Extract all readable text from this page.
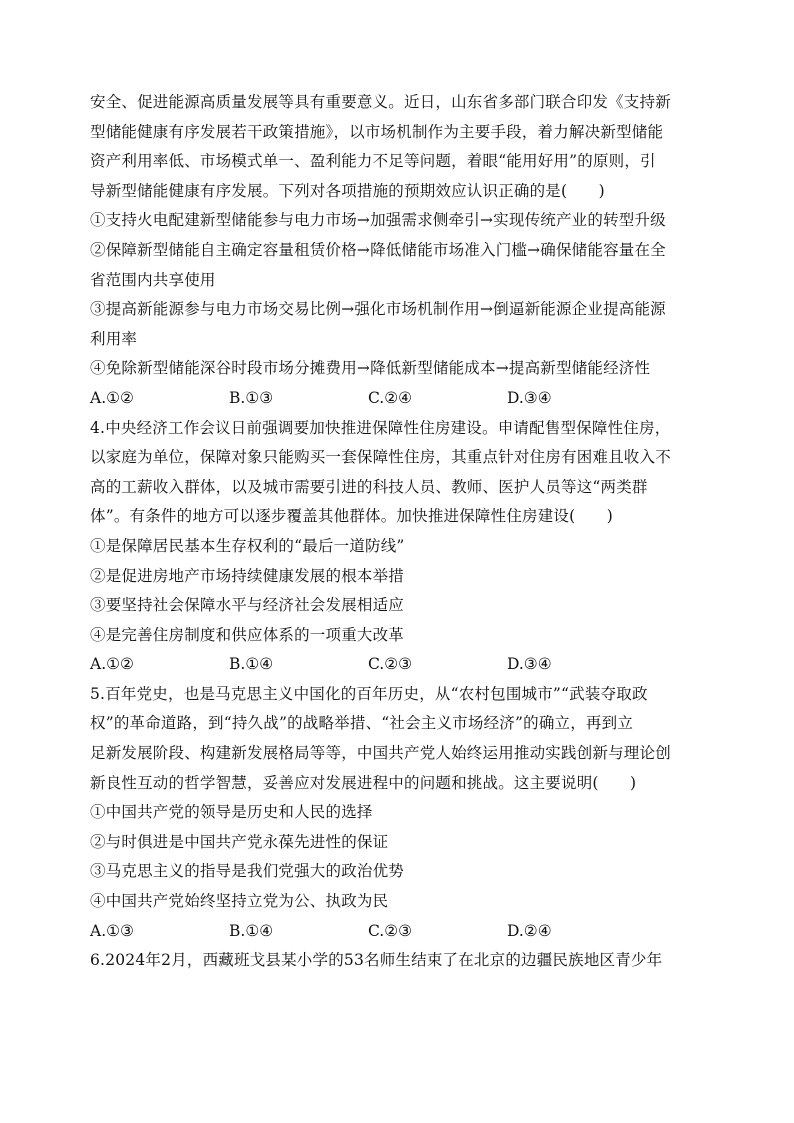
安全、促进能源高质量发展等具有重要意义。近日，山东省多部门联合印发《支持新
型储能健康有序发展若干政策措施》，以市场机制作为主要手段，着力解决新型储能
资产利用率低、市场模式单一、盈利能力不足等问题，着眼“能用好用”的原则，引
导新型储能健康有序发展。下列对各项措施的预期效应认识正确的是(　　)
①支持火电配建新型储能参与电力市场→加强需求侧牵引→实现传统产业的转型升级
②保障新型储能自主确定容量租赁价格→降低储能市场准入门槛→确保储能容量在全
省范围内共享使用
③提高新能源参与电力市场交易比例→强化市场机制作用→倒逼新能源企业提高能源
利用率
④免除新型储能深谷时段市场分摊费用→降低新型储能成本→提高新型储能经济性
A.①②	B.①③	C.②④	D.③④
4.中央经济工作会议日前强调要加快推进保障性住房建设。申请配售型保障性住房，
以家庭为单位，保障对象只能购买一套保障性住房，其重点针对住房有困难且收入不
高的工薪收入群体，以及城市需要引进的科技人员、教师、医护人员等这“两类群
体”。有条件的地方可以逐步覆盖其他群体。加快推进保障性住房建设(　　)
①是保障居民基本生存权利的“最后一道防线”
②是促进房地产市场持续健康发展的根本举措
③要坚持社会保障水平与经济社会发展相适应
④是完善住房制度和供应体系的一项重大改革
A.①②	B.①④	C.②③	D.③④
5.百年党史，也是马克思主义中国化的百年历史，从“农村包围城市”“武装夺取政
权”的革命道路，到“持久战”的战略举措、“社会主义市场经济”的确立，再到立
足新发展阶段、构建新发展格局等等，中国共产党人始终运用推动实践创新与理论创
新良性互动的哲学智慧，妥善应对发展进程中的问题和挑战。这主要说明(　　)
①中国共产党的领导是历史和人民的选择
②与时俱进是中国共产党永葆先进性的保证
③马克思主义的指导是我们党强大的政治优势
④中国共产党始终坚持立党为公、执政为民
A.①③	B.①④	C.②③	D.②④
6.2024年2月，西藏班戈县某小学的53名师生结束了在北京的边疆民族地区青少年
